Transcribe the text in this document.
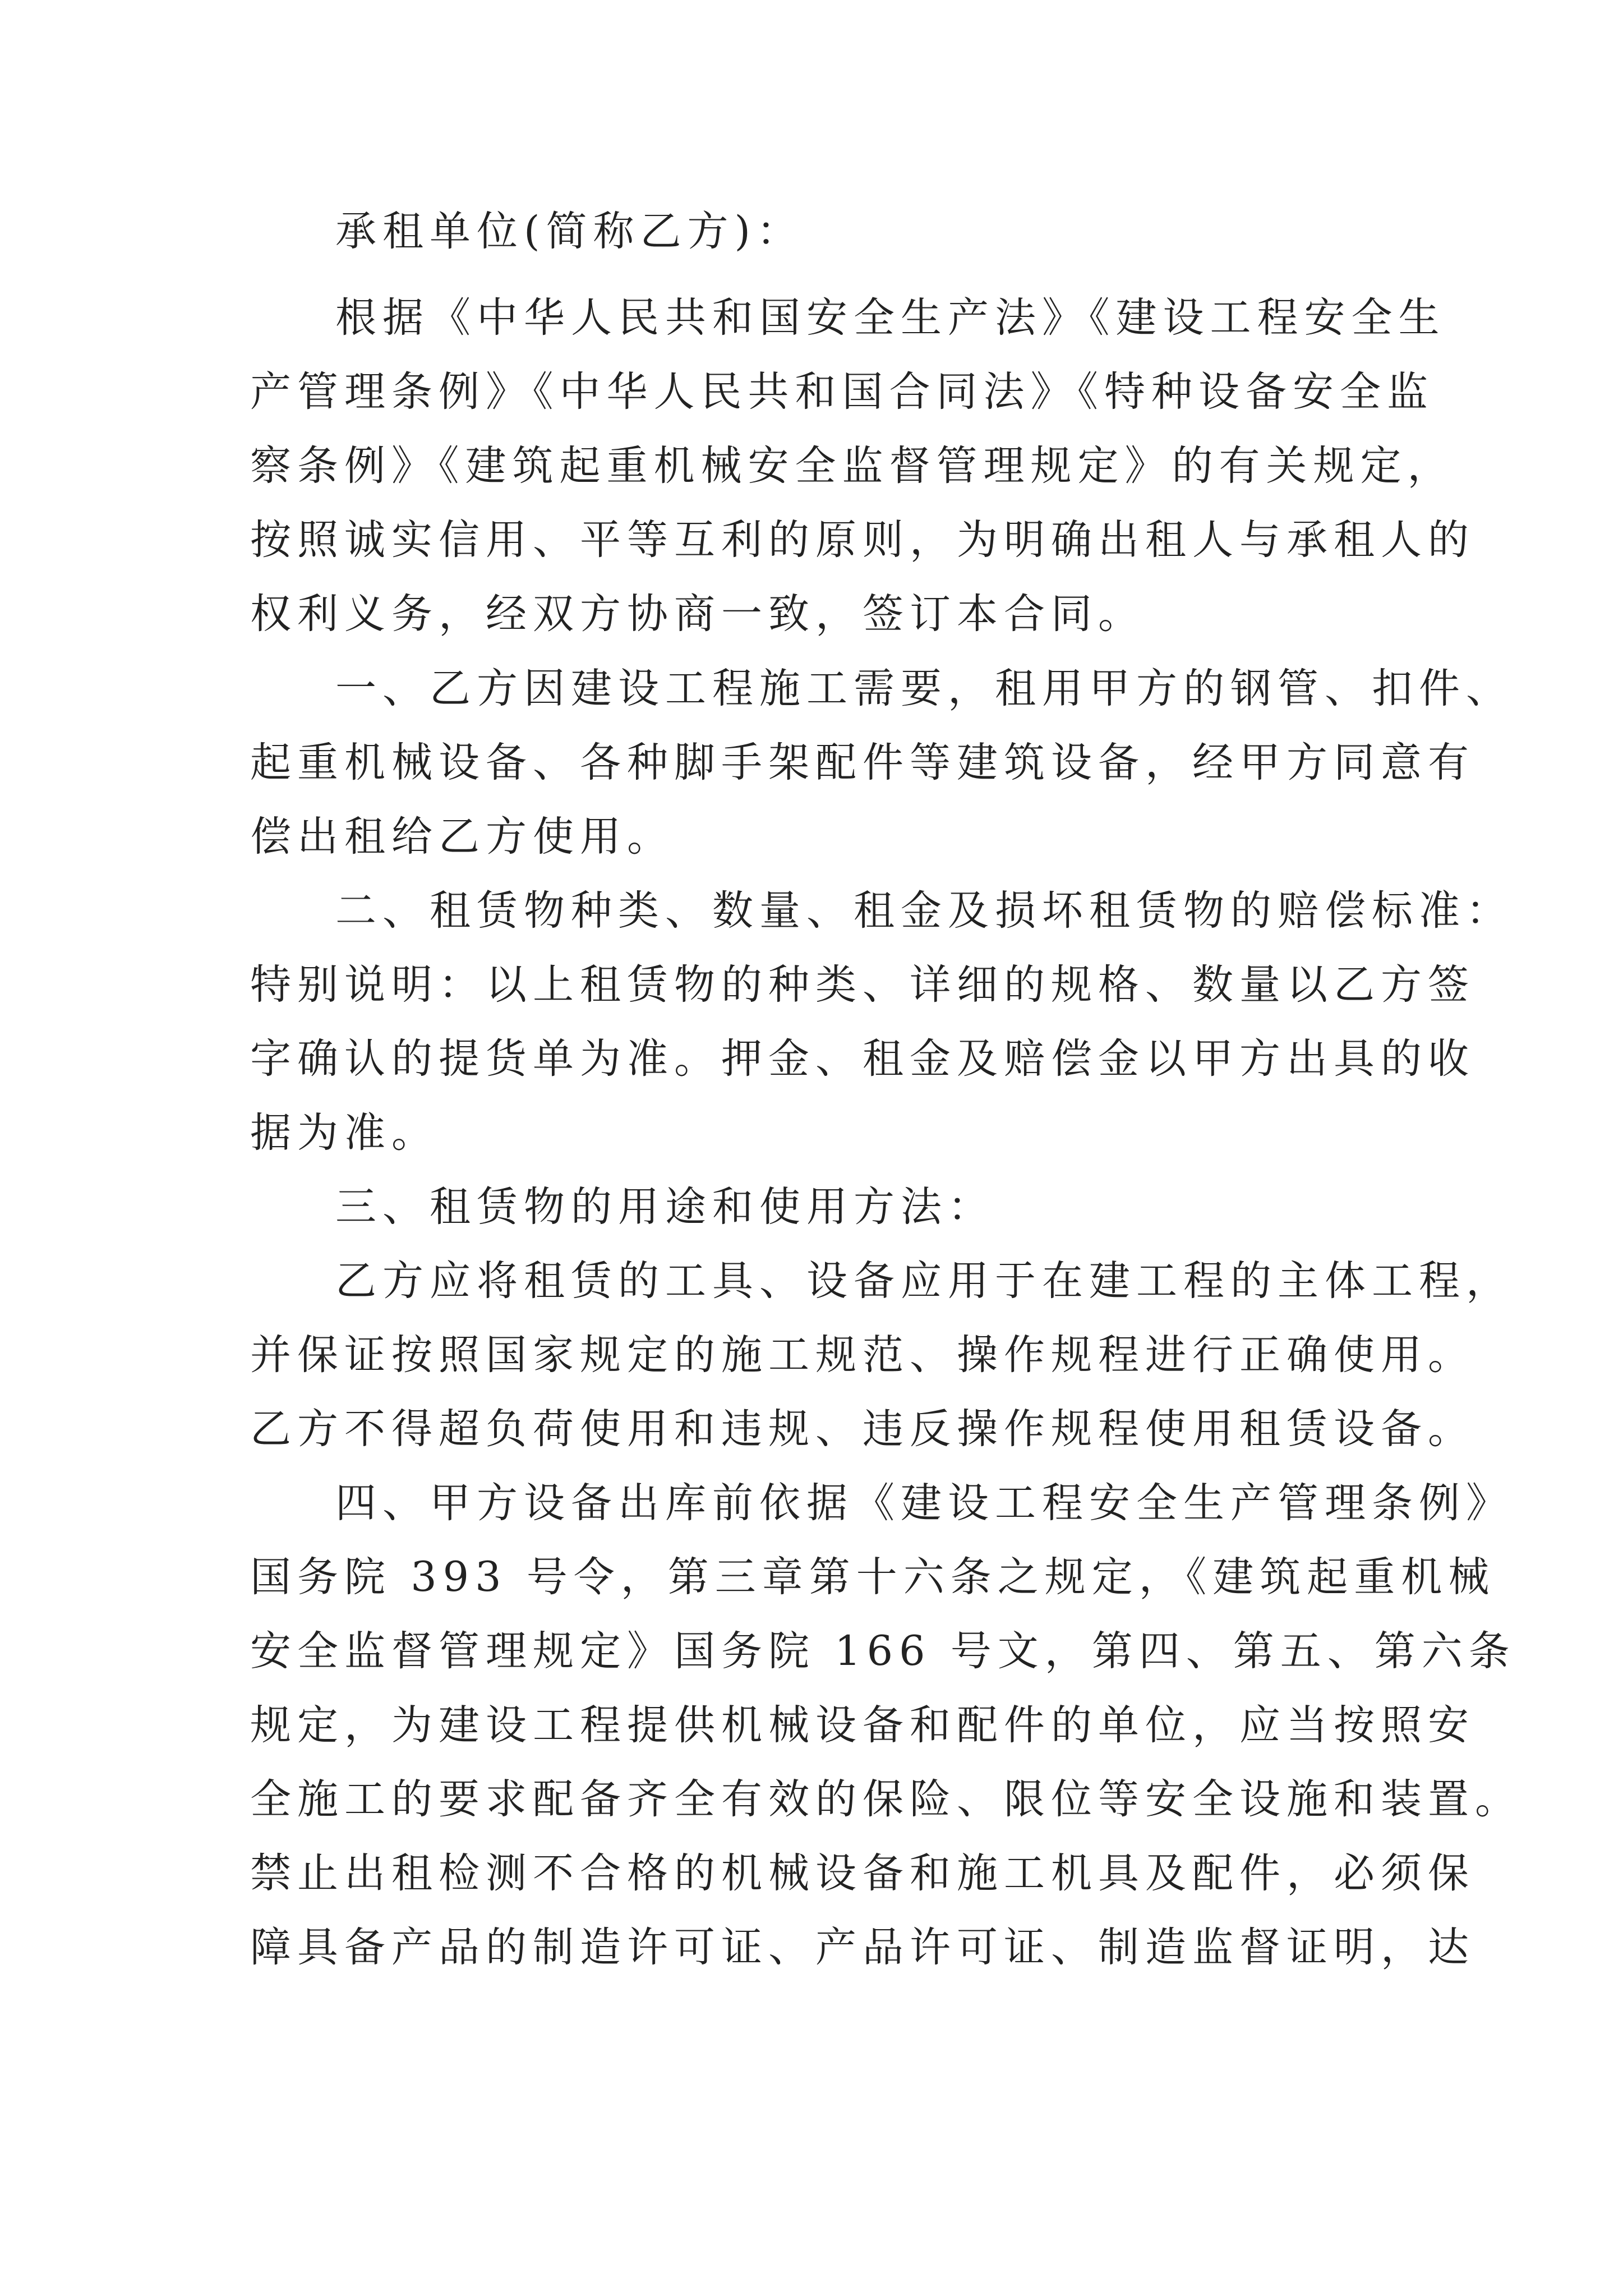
承租单位(简称乙方)：
根据《中华人民共和国安全生产法》《建设工程安全生
产管理条例》《中华人民共和国合同法》《特种设备安全监
察条例》《建筑起重机械安全监督管理规定》的有关规定，
按照诚实信用、平等互利的原则，为明确出租人与承租人的
权利义务，经双方协商一致，签订本合同。
一、乙方因建设工程施工需要，租用甲方的钢管、扣件、
起重机械设备、各种脚手架配件等建筑设备，经甲方同意有
偿出租给乙方使用。
二、租赁物种类、数量、租金及损坏租赁物的赔偿标准：
特别说明：以上租赁物的种类、详细的规格、数量以乙方签
字确认的提货单为准。押金、租金及赔偿金以甲方出具的收
据为准。
三、租赁物的用途和使用方法：
乙方应将租赁的工具、设备应用于在建工程的主体工程，
并保证按照国家规定的施工规范、操作规程进行正确使用。
乙方不得超负荷使用和违规、违反操作规程使用租赁设备。
四、甲方设备出库前依据《建设工程安全生产管理条例》
国务院 393 号令，第三章第十六条之规定，《建筑起重机械
安全监督管理规定》国务院 166 号文，第四、第五、第六条
规定，为建设工程提供机械设备和配件的单位，应当按照安
全施工的要求配备齐全有效的保险、限位等安全设施和装置。
禁止出租检测不合格的机械设备和施工机具及配件，必须保
障具备产品的制造许可证、产品许可证、制造监督证明，达
